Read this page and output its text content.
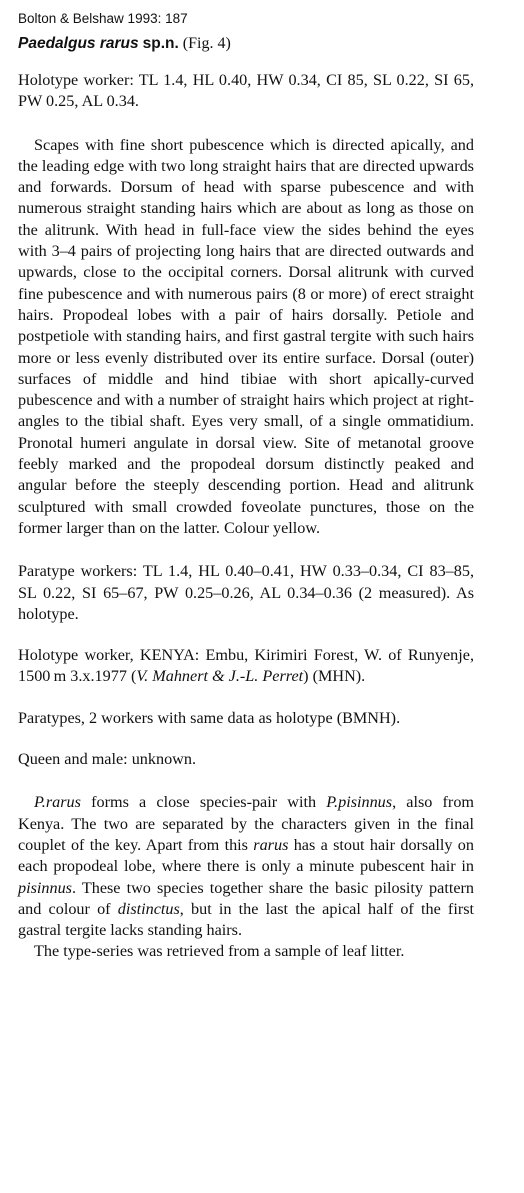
Bolton & Belshaw 1993: 187

Paedalgus rarus sp.n. (Fig. 4)

Holotype worker: TL 1.4, HL 0.40, HW 0.34, CI 85, SL 0.22, SI 65, PW 0.25, AL 0.34.

Scapes with fine short pubescence which is directed apically, and the leading edge with two long straight hairs that are directed upwards and forwards. Dorsum of head with sparse pubescence and with numerous straight standing hairs which are about as long as those on the alitrunk. With head in full-face view the sides behind the eyes with 3–4 pairs of projecting long hairs that are directed outwards and upwards, close to the occipital corners. Dorsal alitrunk with curved fine pubescence and with numerous pairs (8 or more) of erect straight hairs. Propodeal lobes with a pair of hairs dorsally. Petiole and postpetiole with standing hairs, and first gastral tergite with such hairs more or less evenly distributed over its entire surface. Dorsal (outer) surfaces of middle and hind tibiae with short apically-curved pubescence and with a number of straight hairs which project at right-angles to the tibial shaft. Eyes very small, of a single ommatidium. Pronotal humeri angulate in dorsal view. Site of metanotal groove feebly marked and the propodeal dorsum distinctly peaked and angular before the steeply descending portion. Head and alitrunk sculptured with small crowded foveolate punctures, those on the former larger than on the latter. Colour yellow.

Paratype workers: TL 1.4, HL 0.40–0.41, HW 0.33–0.34, CI 83–85, SL 0.22, SI 65–67, PW 0.25–0.26, AL 0.34–0.36 (2 measured). As holotype.

Holotype worker, KENYA: Embu, Kirimiri Forest, W. of Runyenje, 1500 m 3.x.1977 (V. Mahnert & J.-L. Perret) (MHN).

Paratypes, 2 workers with same data as holotype (BMNH).

Queen and male: unknown.

P.rarus forms a close species-pair with P.pisinnus, also from Kenya. The two are separated by the characters given in the final couplet of the key. Apart from this rarus has a stout hair dorsally on each propodeal lobe, where there is only a minute pubescent hair in pisinnus. These two species together share the basic pilosity pattern and colour of distinctus, but in the last the apical half of the first gastral tergite lacks standing hairs.

The type-series was retrieved from a sample of leaf litter.
